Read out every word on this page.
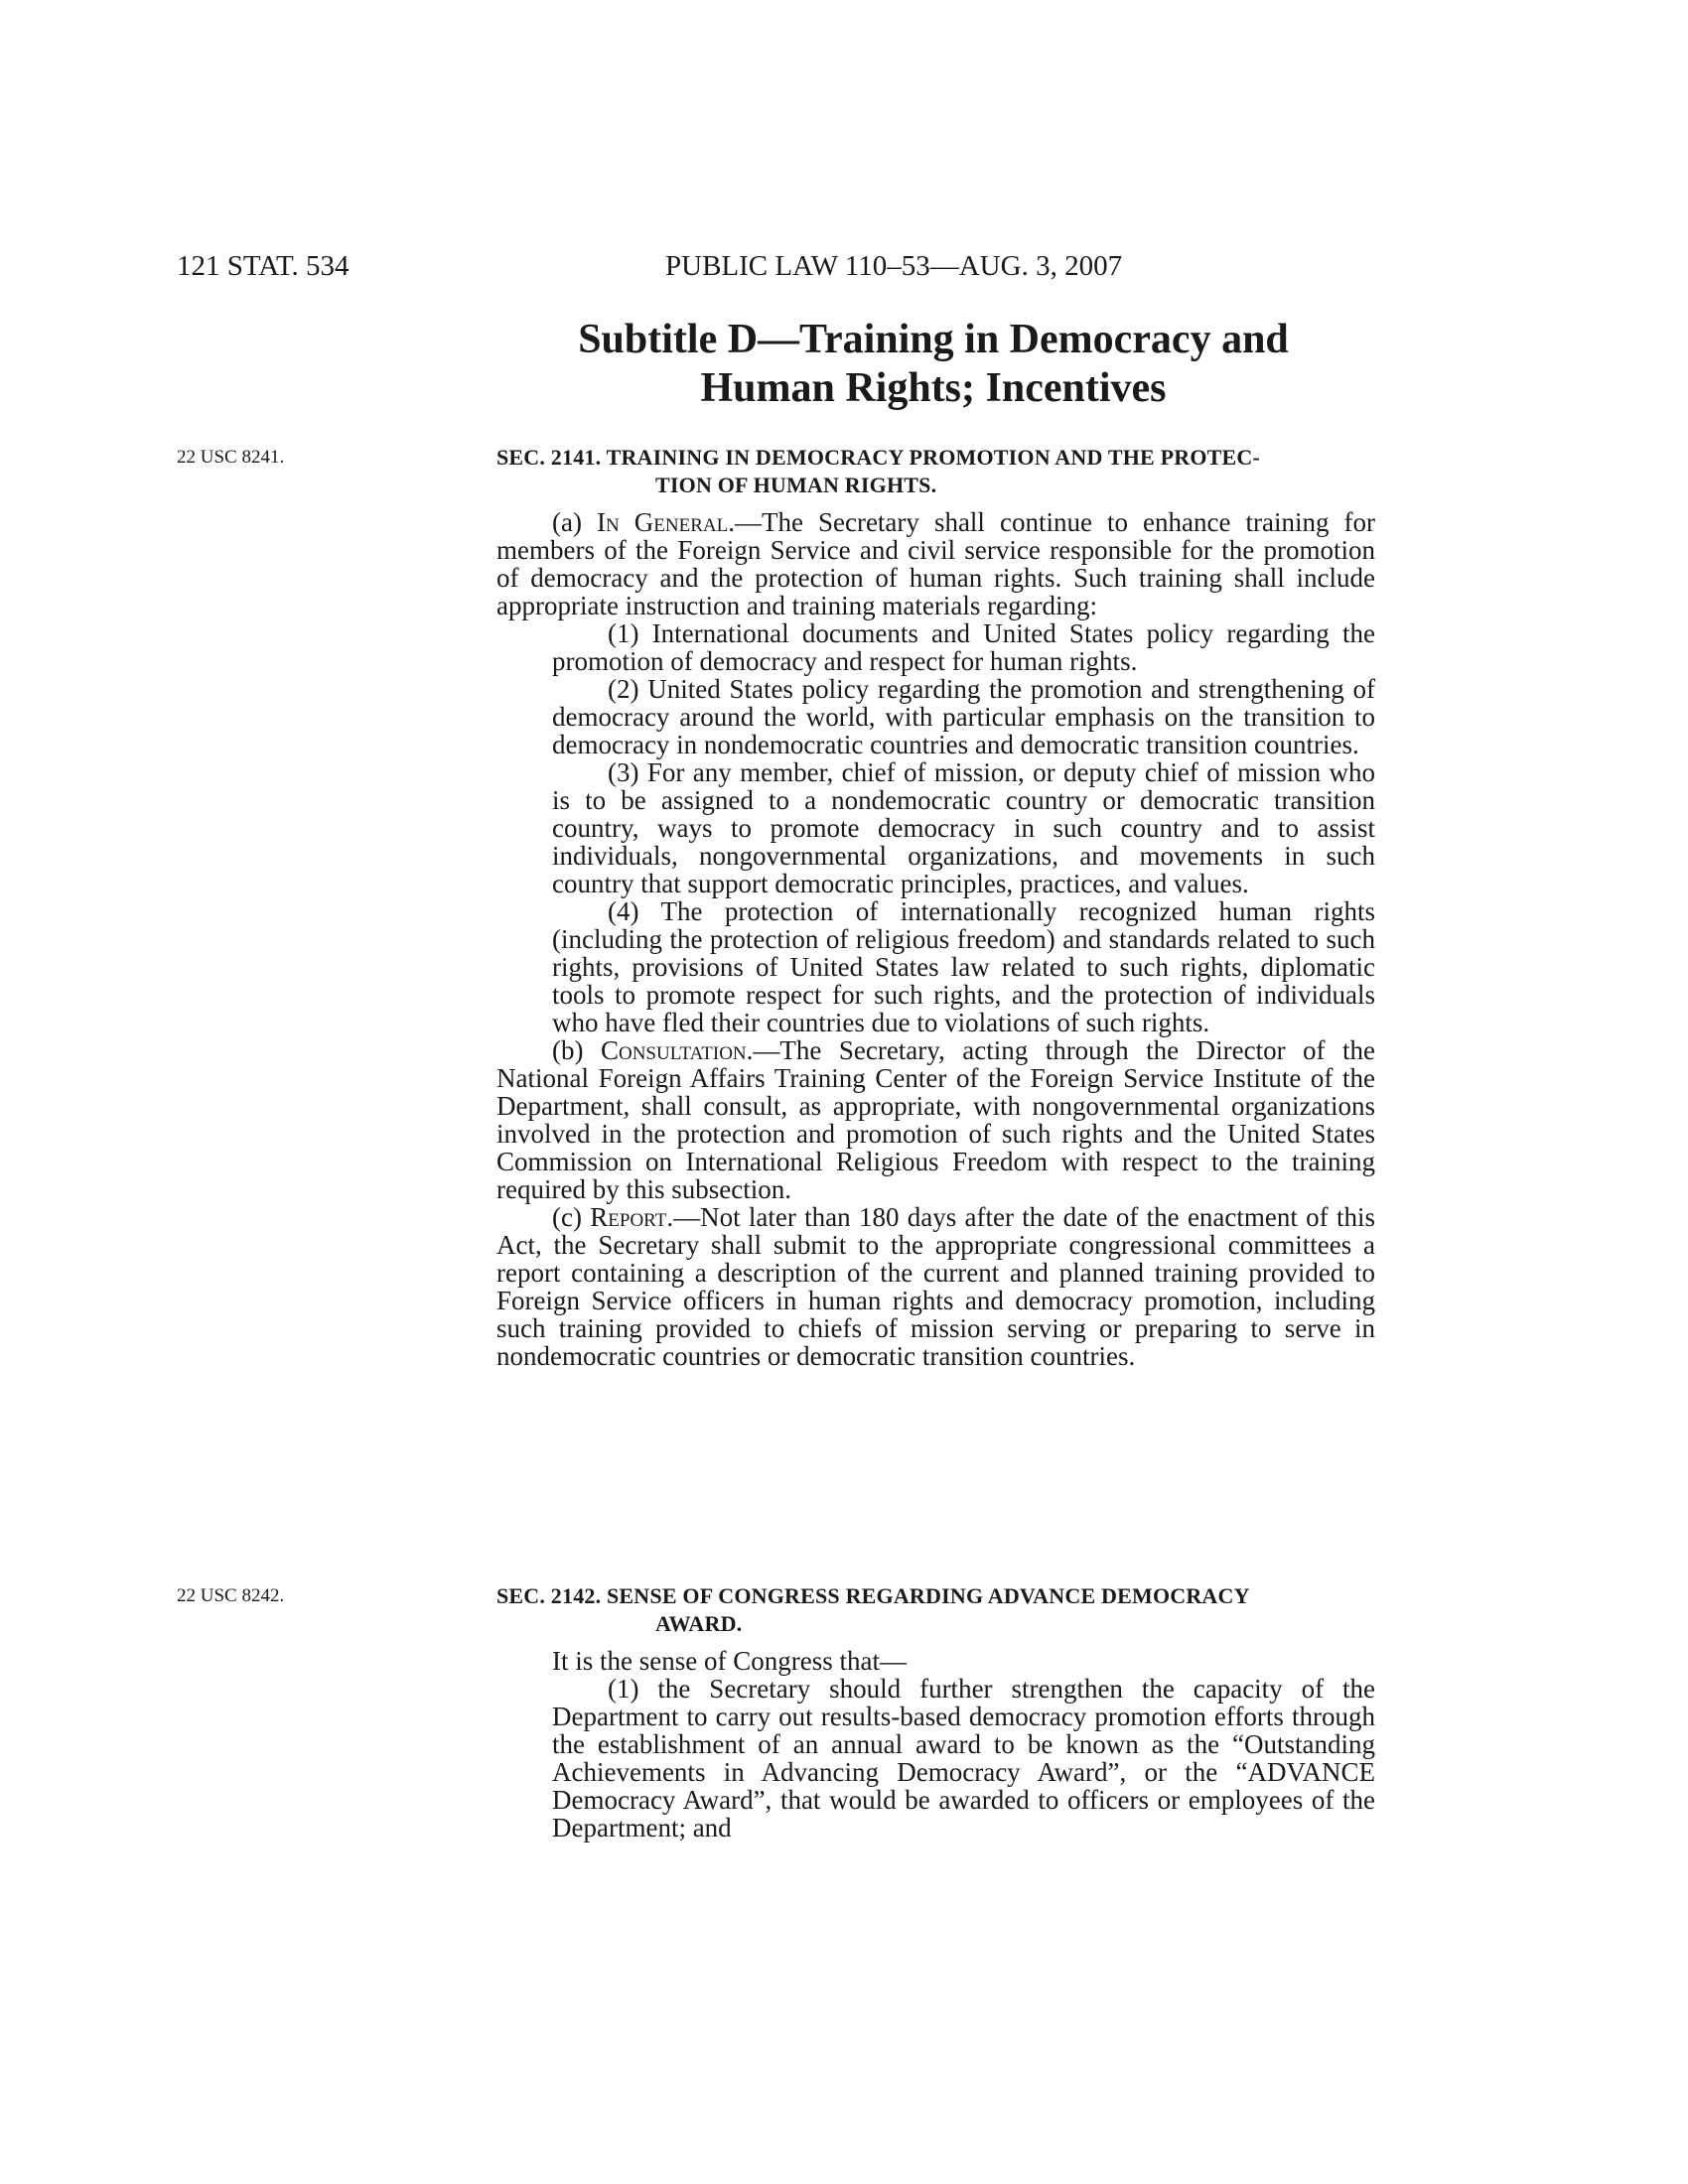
121 STAT. 534	PUBLIC LAW 110–53—AUG. 3, 2007
Subtitle D—Training in Democracy and
Human Rights; Incentives
22 USC 8241.	SEC. 2141. TRAINING IN DEMOCRACY PROMOTION AND THE PROTEC-
TION OF HUMAN RIGHTS.

(a) In General.—The Secretary shall continue to enhance training for members of the Foreign Service and civil service responsible for the promotion of democracy and the protection of human rights. Such training shall include appropriate instruction and training materials regarding:

(1) International documents and United States policy regarding the promotion of democracy and respect for human rights.

(2) United States policy regarding the promotion and strengthening of democracy around the world, with particular emphasis on the transition to democracy in nondemocratic countries and democratic transition countries.

(3) For any member, chief of mission, or deputy chief of mission who is to be assigned to a nondemocratic country or democratic transition country, ways to promote democracy in such country and to assist individuals, nongovernmental organizations, and movements in such country that support democratic principles, practices, and values.

(4) The protection of internationally recognized human rights (including the protection of religious freedom) and standards related to such rights, provisions of United States law related to such rights, diplomatic tools to promote respect for such rights, and the protection of individuals who have fled their countries due to violations of such rights.

(b) Consultation.—The Secretary, acting through the Director of the National Foreign Affairs Training Center of the Foreign Service Institute of the Department, shall consult, as appropriate, with nongovernmental organizations involved in the protection and promotion of such rights and the United States Commission on International Religious Freedom with respect to the training required by this subsection.

(c) Report.—Not later than 180 days after the date of the enactment of this Act, the Secretary shall submit to the appropriate congressional committees a report containing a description of the current and planned training provided to Foreign Service officers in human rights and democracy promotion, including such training provided to chiefs of mission serving or preparing to serve in nondemocratic countries or democratic transition countries.

22 USC 8242.	SEC. 2142. SENSE OF CONGRESS REGARDING ADVANCE DEMOCRACY
AWARD.

It is the sense of Congress that—

(1) the Secretary should further strengthen the capacity of the Department to carry out results-based democracy promotion efforts through the establishment of an annual award to be known as the “Outstanding Achievements in Advancing Democracy Award”, or the “ADVANCE Democracy Award”, that would be awarded to officers or employees of the Department; and
